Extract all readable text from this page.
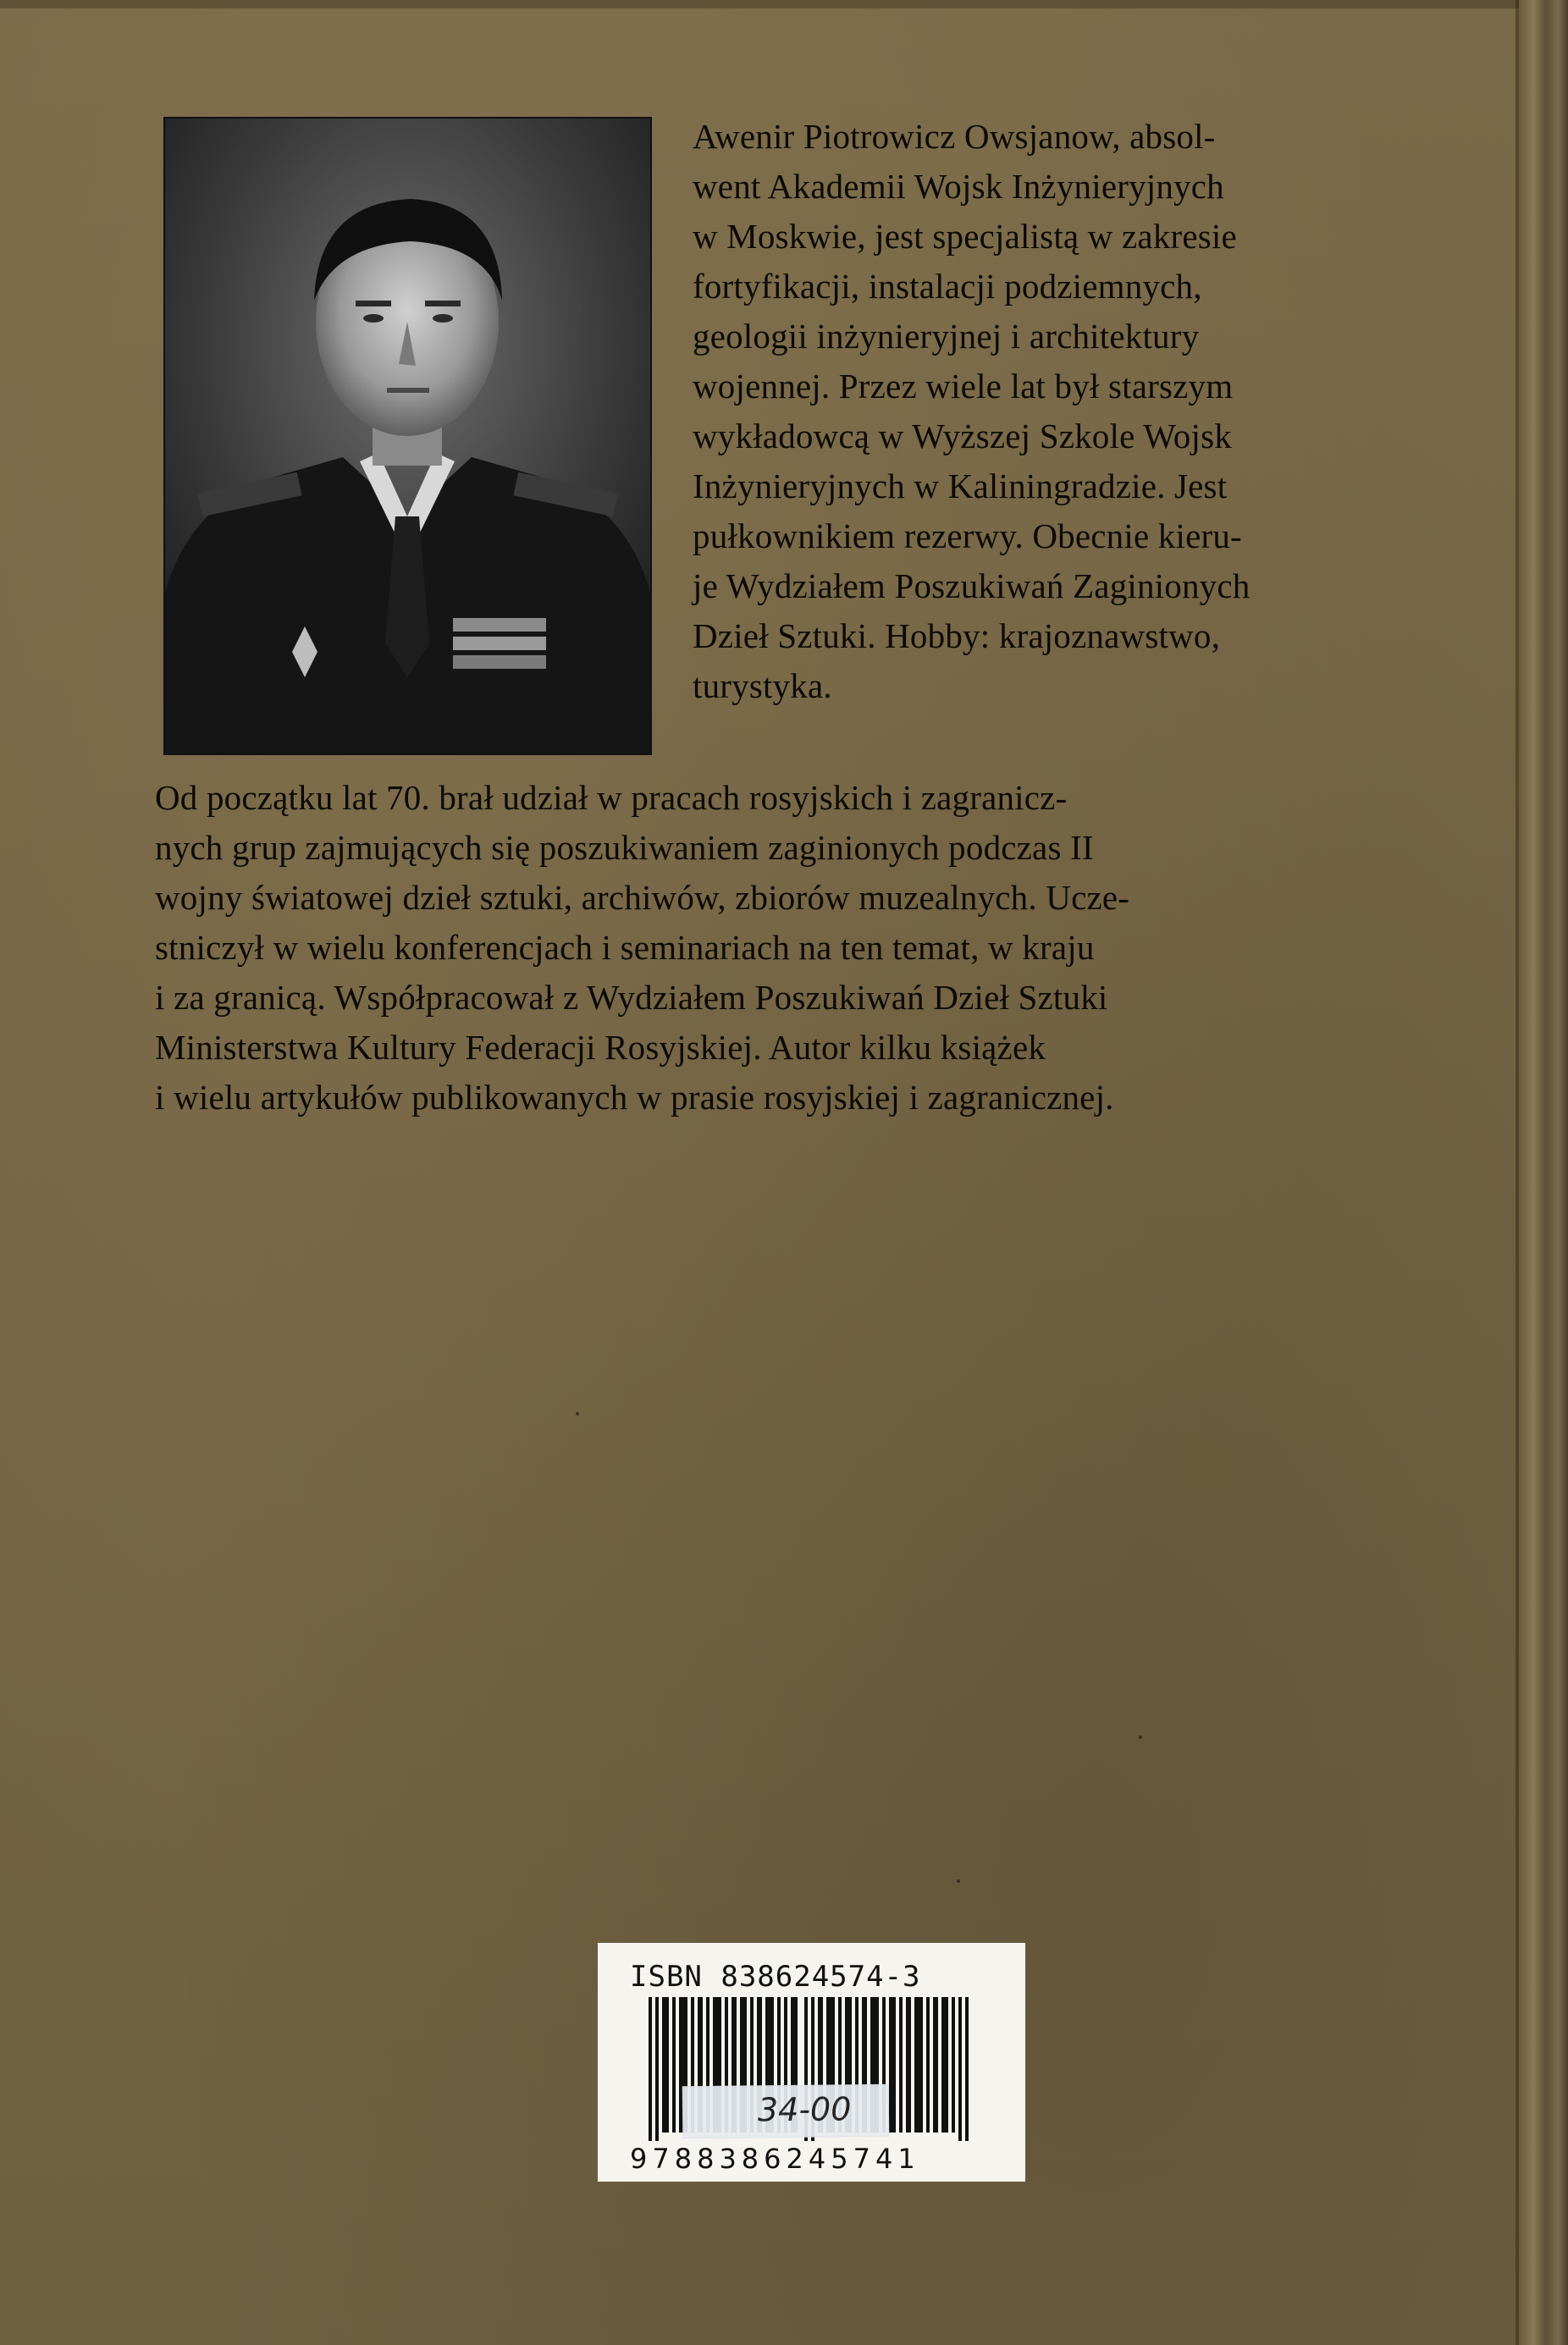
Awenir Piotrowicz Owsjanow, absol-
went Akademii Wojsk Inżynieryjnych
w Moskwie, jest specjalistą w zakresie
fortyfikacji, instalacji podziemnych,
geologii inżynieryjnej i architektury
wojennej. Przez wiele lat był starszym
wykładowcą w Wyższej Szkole Wojsk
Inżynieryjnych w Kaliningradzie. Jest
pułkownikiem rezerwy. Obecnie kieru-
je Wydziałem Poszukiwań Zaginionych
Dzieł Sztuki. Hobby: krajoznawstwo,
turystyka.

Od początku lat 70. brał udział w pracach rosyjskich i zagranicz-
nych grup zajmujących się poszukiwaniem zaginionych podczas II
wojny światowej dzieł sztuki, archiwów, zbiorów muzealnych. Ucze-
stniczył w wielu konferencjach i seminariach na ten temat, w kraju
i za granicą. Współpracował z Wydziałem Poszukiwań Dzieł Sztuki
Ministerstwa Kultury Federacji Rosyjskiej. Autor kilku książek
i wielu artykułów publikowanych w prasie rosyjskiej i zagranicznej.

ISBN 838624574-3
9788386245741
34-00
